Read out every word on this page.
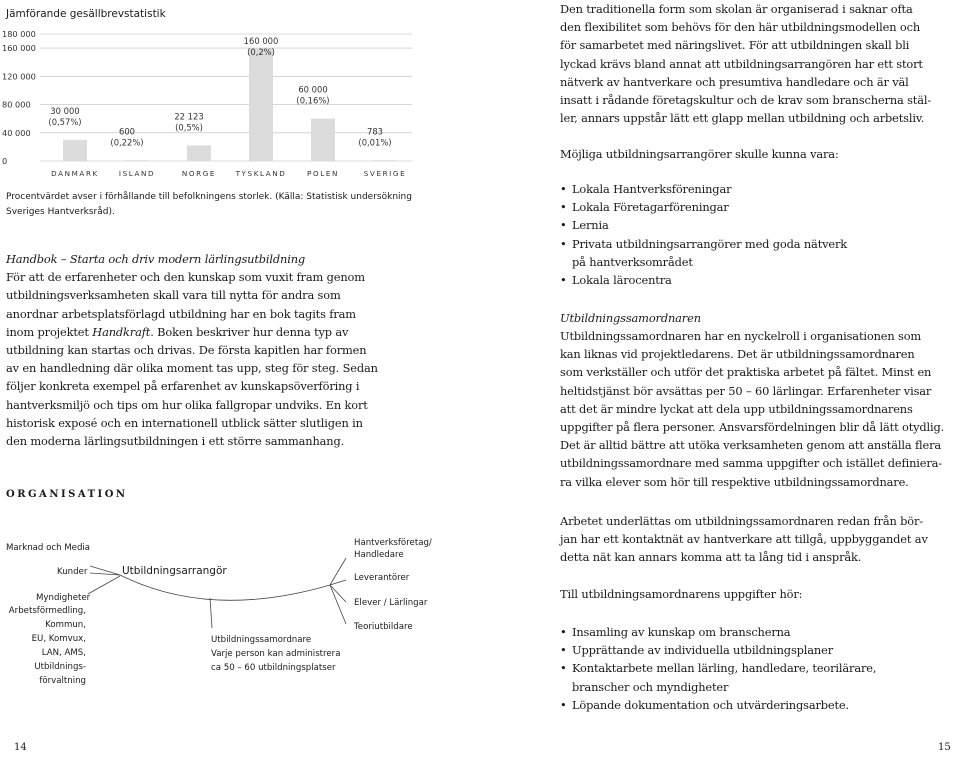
Jämförande gesällbrevstatistik
0
40 000
80 000
120 000
160 000
180 000
30 000
(0,57%)
DANMARK
600
(0,22%)
ISLAND
22 123
(0,5%)
NORGE
160 000
(0,2%)
TYSKLAND
60 000
(0,16%)
POLEN
783
(0,01%)
SVERIGE
Procentvärdet avser i förhållande till befolkningens storlek. (Källa: Statistisk undersökning Sveriges Hantverksråd).

Handbok – Starta och driv modern lärlingsutbildning

För att de erfarenheter och den kunskap som vuxit fram genom

utbildningsverksamheten skall vara till nytta för andra som

anordnar arbetsplatsförlagd utbildning har en bok tagits fram

inom projektet Handkraft. Boken beskriver hur denna typ av

utbildning kan startas och drivas. De första kapitlen har formen

av en handledning där olika moment tas upp, steg för steg. Sedan

följer konkreta exempel på erfarenhet av kunskapsöverföring i

hantverksmiljö och tips om hur olika fallgropar undviks. En kort

historisk exposé och en internationell utblick sätter slutligen in

den moderna lärlingsutbildningen i ett större sammanhang.

ORGANISATION
Marknad och Media
Kunder
Myndigheter
Arbetsförmedling,
Kommun,
EU, Komvux,
LAN, AMS,
Utbildnings-
förvaltning
Utbildningsarrangör
Utbildningssamordnare
Varje person kan administrera
ca 50 – 60 utbildningsplatser
Hantverksföretag/
Handledare
Leverantörer
Elever / Lärlingar
Teoriutbildare

Den traditionella form som skolan är organiserad i saknar ofta

den flexibilitet som behövs för den här utbildningsmodellen och

för samarbetet med näringslivet. För att utbildningen skall bli

lyckad krävs bland annat att utbildningsarrangören har ett stort

nätverk av hantverkare och presumtiva handledare och är väl

insatt i rådande företagskultur och de krav som branscherna stäl-

ler, annars uppstår lätt ett glapp mellan utbildning och arbetsliv.

Möjliga utbildningsarrangörer skulle kunna vara:

• Lokala Hantverksföreningar

• Lokala Företagarföreningar

• Lernia

• Privata utbildningsarrangörer med goda nätverk

på hantverksområdet

• Lokala lärocentra

Utbildningssamordnaren

Utbildningssamordnaren har en nyckelroll i organisationen som

kan liknas vid projektledarens. Det är utbildningssamordnaren

som verkställer och utför det praktiska arbetet på fältet. Minst en

heltidstjänst bör avsättas per 50 – 60 lärlingar. Erfarenheter visar

att det är mindre lyckat att dela upp utbildningssamordnarens

uppgifter på flera personer. Ansvarsfördelningen blir då lätt otydlig.

Det är alltid bättre att utöka verksamheten genom att anställa flera

utbildningssamordnare med samma uppgifter och istället definiera-

ra vilka elever som hör till respektive utbildningssamordnare.

Arbetet underlättas om utbildningssamordnaren redan från bör-

jan har ett kontaktnät av hantverkare att tillgå, uppbyggandet av

detta nät kan annars komma att ta lång tid i anspråk.

Till utbildningsamordnarens uppgifter hör:

• Insamling av kunskap om branscherna

• Upprättande av individuella utbildningsplaner

• Kontaktarbete mellan lärling, handledare, teorilärare,

branscher och myndigheter

• Löpande dokumentation och utvärderingsarbete.

14	15
